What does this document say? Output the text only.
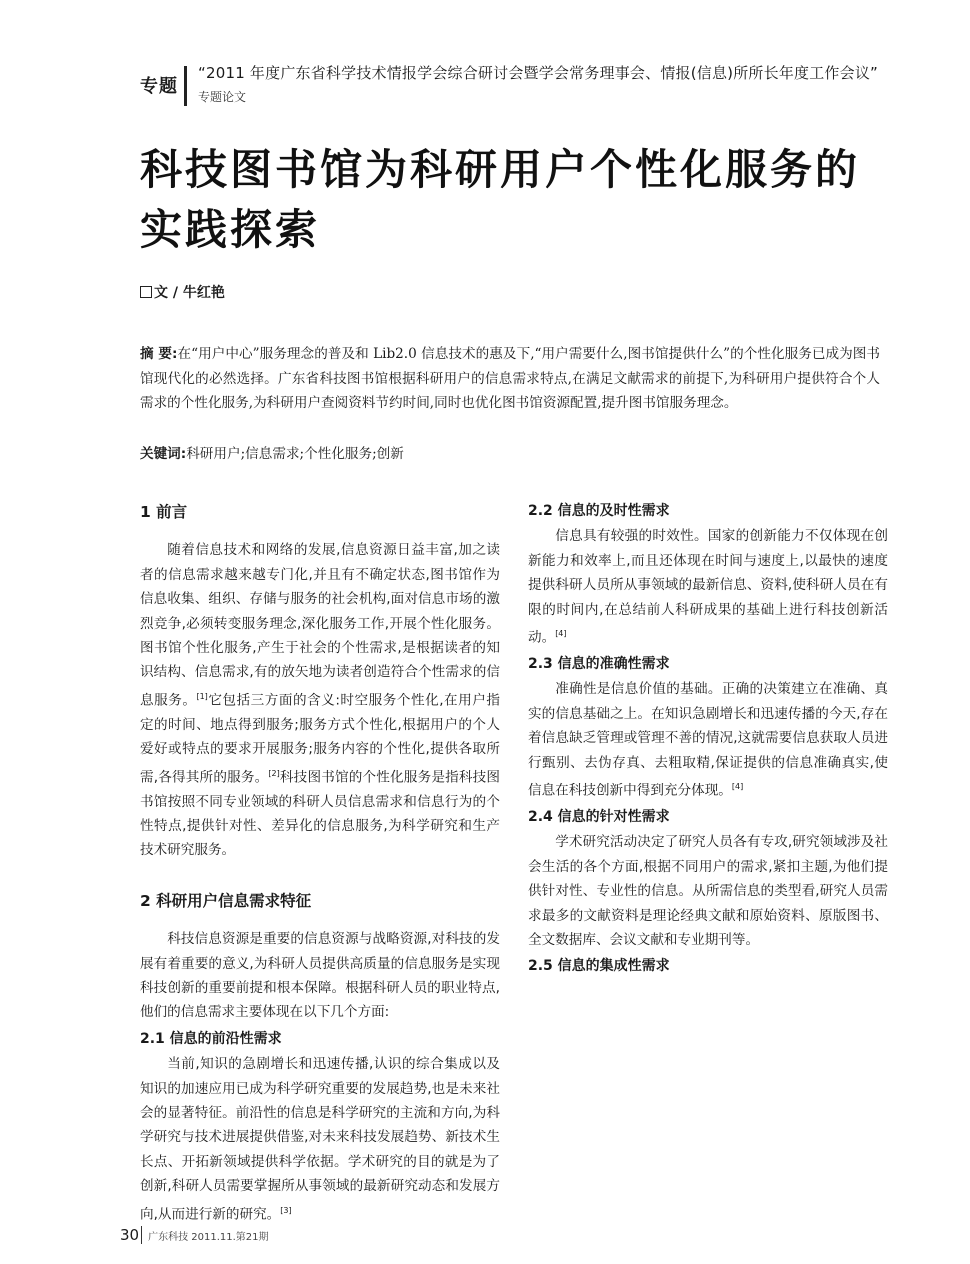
专题
“2011 年度广东省科学技术情报学会综合研讨会暨学会常务理事会、情报(信息)所所长年度工作会议”
专题论文
科技图书馆为科研用户个性化服务的实践探索
文 / 牛红艳
摘 要:在“用户中心”服务理念的普及和 Lib2.0 信息技术的惠及下,“用户需要什么,图书馆提供什么”的个性化服务已成为图书馆现代化的必然选择。广东省科技图书馆根据科研用户的信息需求特点,在满足文献需求的前提下,为科研用户提供符合个人需求的个性化服务,为科研用户查阅资料节约时间,同时也优化图书馆资源配置,提升图书馆服务理念。
关键词:科研用户;信息需求;个性化服务;创新
1 前言

随着信息技术和网络的发展,信息资源日益丰富,加之读者的信息需求越来越专门化,并且有不确定状态,图书馆作为信息收集、组织、存储与服务的社会机构,面对信息市场的激烈竞争,必须转变服务理念,深化服务工作,开展个性化服务。图书馆个性化服务,产生于社会的个性需求,是根据读者的知识结构、信息需求,有的放矢地为读者创造符合个性需求的信息服务。[1]它包括三方面的含义:时空服务个性化,在用户指定的时间、地点得到服务;服务方式个性化,根据用户的个人爱好或特点的要求开展服务;服务内容的个性化,提供各取所需,各得其所的服务。[2]科技图书馆的个性化服务是指科技图书馆按照不同专业领域的科研人员信息需求和信息行为的个性特点,提供针对性、差异化的信息服务,为科学研究和生产技术研究服务。

2 科研用户信息需求特征

科技信息资源是重要的信息资源与战略资源,对科技的发展有着重要的意义,为科研人员提供高质量的信息服务是实现科技创新的重要前提和根本保障。根据科研人员的职业特点,他们的信息需求主要体现在以下几个方面:

2.1 信息的前沿性需求

当前,知识的急剧增长和迅速传播,认识的综合集成以及知识的加速应用已成为科学研究重要的发展趋势,也是未来社会的显著特征。前沿性的信息是科学研究的主流和方向,为科学研究与技术进展提供借鉴,对未来科技发展趋势、新技术生长点、开拓新领域提供科学依据。学术研究的目的就是为了创新,科研人员需要掌握所从事领域的最新研究动态和发展方向,从而进行新的研究。[3]

2.2 信息的及时性需求

信息具有较强的时效性。国家的创新能力不仅体现在创新能力和效率上,而且还体现在时间与速度上,以最快的速度提供科研人员所从事领域的最新信息、资料,使科研人员在有限的时间内,在总结前人科研成果的基础上进行科技创新活动。[4]

2.3 信息的准确性需求

准确性是信息价值的基础。正确的决策建立在准确、真实的信息基础之上。在知识急剧增长和迅速传播的今天,存在着信息缺乏管理或管理不善的情况,这就需要信息获取人员进行甄别、去伪存真、去粗取精,保证提供的信息准确真实,使信息在科技创新中得到充分体现。[4]

2.4 信息的针对性需求

学术研究活动决定了研究人员各有专攻,研究领域涉及社会生活的各个方面,根据不同用户的需求,紧扣主题,为他们提供针对性、专业性的信息。从所需信息的类型看,研究人员需求最多的文献资料是理论经典文献和原始资料、原版图书、全文数据库、会议文献和专业期刊等。

2.5 信息的集成性需求
30 广东科技 2011.11.第21期
